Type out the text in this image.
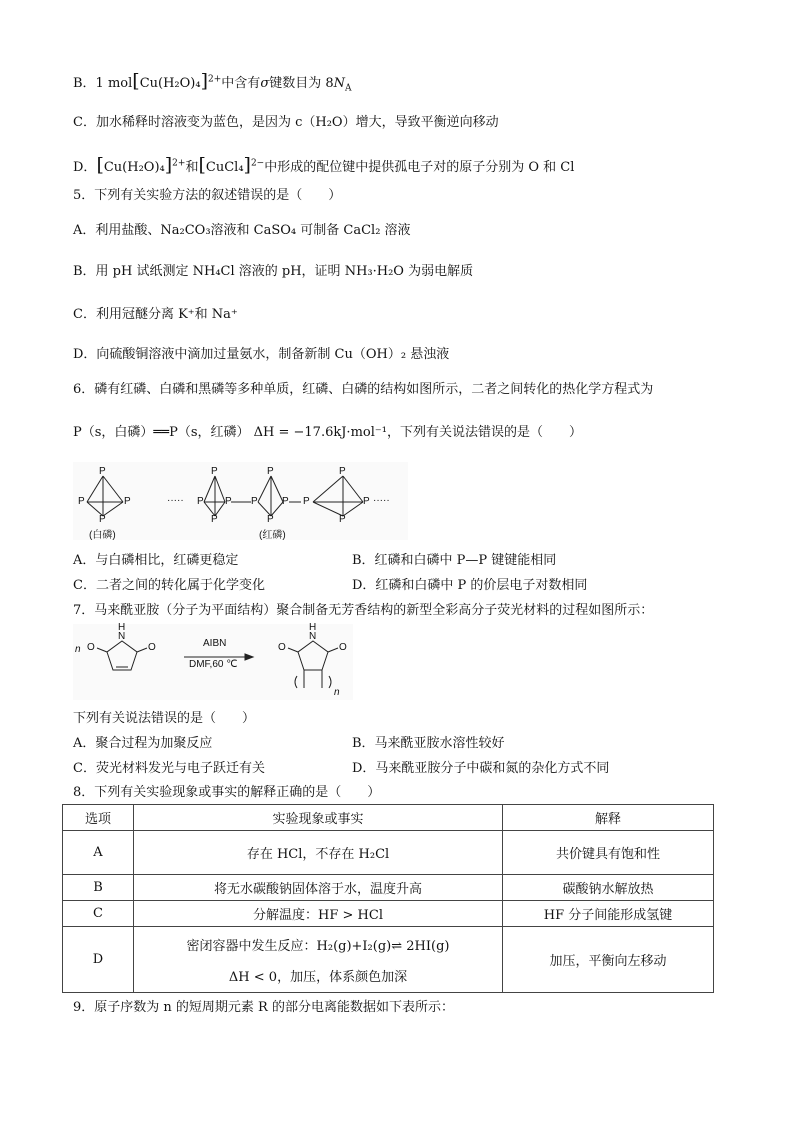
B．1 $mol[Cu(H_2O)_4]^{2+}$中含有σ键数目为 $8N_A$
C．加水稀释时溶液变为蓝色，是因为 c（H₂O）增大，导致平衡逆向移动
D．$[Cu(H_2O)_4]^{2+}$和[CuCl₄]$^{2-}$中形成的配位键中提供孤电子对的原子分别为 O 和 Cl
5．下列有关实验方法的叙述错误的是（　　）
A．利用盐酸、Na₂CO₃溶液和 CaSO₄ 可制备 CaCl₂ 溶液
B．用 pH 试纸测定 NH₄Cl 溶液的 pH，证明 NH₃·H₂O 为弱电解质
C．利用冠醚分离 K⁺和 Na⁺
D．向硫酸铜溶液中滴加过量氨水，制备新制 Cu（OH）₂ 悬浊液
6．磷有红磷、白磷和黑磷等多种单质，红磷、白磷的结构如图所示，二者之间转化的热化学方程式为
P（s，白磷）══P（s，红磷） ΔH = −17.6kJ·mol⁻¹，下列有关说法错误的是（　　）
P
P	P
P
····· P
P
P
P
P
P
P
P
P
P
P
P
·····
(白磷)	(红磷)
A．与白磷相比，红磷更稳定	B．红磷和白磷中 P—P 键键能相同
C．二者之间的转化属于化学变化	D．红磷和白磷中 P 的价层电子对数相同
7．马来酰亚胺（分子为平面结构）聚合制备无芳香结构的新型全彩高分子荧光材料的过程如图所示：
n
N
H
O	O	AIBN
DMF,60 ℃
N
H
O	O
n
下列有关说法错误的是（　　）
A．聚合过程为加聚反应	B．马来酰亚胺水溶性较好
C．荧光材料发光与电子跃迁有关	D．马来酰亚胺分子中碳和氮的杂化方式不同
8．下列有关实验现象或事实的解释正确的是（　　）
选项	实验现象或事实	解释
A	存在 HCl，不存在 H₂Cl	共价键具有饱和性
B	将无水碳酸钠固体溶于水，温度升高	碳酸钠水解放热
C	分解温度：HF > HCl	HF 分子间能形成氢键
D	密闭容器中发生反应：H₂(g)+I₂(g)⇌ 2HI(g)
ΔH < 0，加压，体系颜色加深	加压，平衡向左移动
9．原子序数为 n 的短周期元素 R 的部分电离能数据如下表所示：
